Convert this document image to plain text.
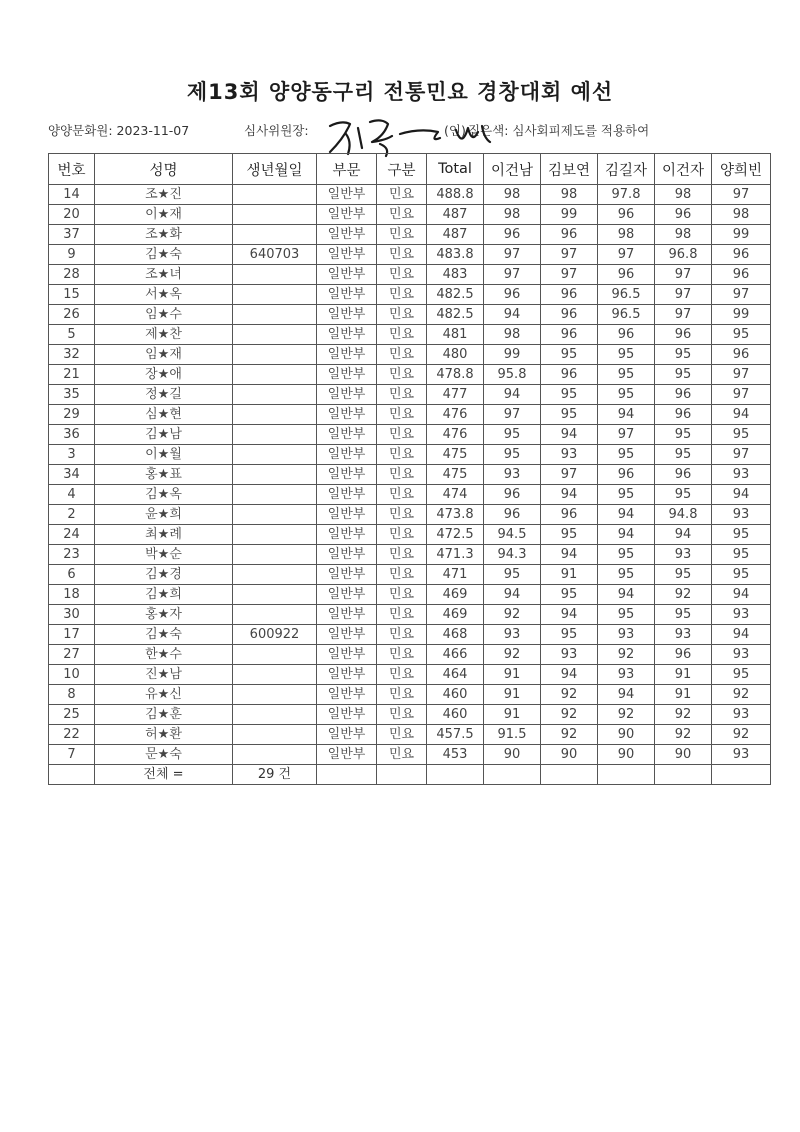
제13회 양양동구리 전통민요 경창대회 예선
양양문화원: 2023-11-07	심사위원장:	(인) 짙은색: 심사회피제도를 적용하여
번호	성명	생년월일	부문	구분	Total	이건남	김보연	김길자	이건자	양희빈
14	조★진		일반부	민요	488.8	98	98	97.8	98	97
20	이★재		일반부	민요	487	98	99	96	96	98
37	조★화		일반부	민요	487	96	96	98	98	99
9	김★숙	640703	일반부	민요	483.8	97	97	97	96.8	96
28	조★녀		일반부	민요	483	97	97	96	97	96
15	서★옥		일반부	민요	482.5	96	96	96.5	97	97
26	임★수		일반부	민요	482.5	94	96	96.5	97	99
5	제★찬		일반부	민요	481	98	96	96	96	95
32	임★재		일반부	민요	480	99	95	95	95	96
21	장★애		일반부	민요	478.8	95.8	96	95	95	97
35	정★길		일반부	민요	477	94	95	95	96	97
29	심★현		일반부	민요	476	97	95	94	96	94
36	김★남		일반부	민요	476	95	94	97	95	95
3	이★월		일반부	민요	475	95	93	95	95	97
34	홍★표		일반부	민요	475	93	97	96	96	93
4	김★옥		일반부	민요	474	96	94	95	95	94
2	윤★희		일반부	민요	473.8	96	96	94	94.8	93
24	최★례		일반부	민요	472.5	94.5	95	94	94	95
23	박★순		일반부	민요	471.3	94.3	94	95	93	95
6	김★경		일반부	민요	471	95	91	95	95	95
18	김★희		일반부	민요	469	94	95	94	92	94
30	홍★자		일반부	민요	469	92	94	95	95	93
17	김★숙	600922	일반부	민요	468	93	95	93	93	94
27	한★수		일반부	민요	466	92	93	92	96	93
10	진★남		일반부	민요	464	91	94	93	91	95
8	유★신		일반부	민요	460	91	92	94	91	92
25	김★훈		일반부	민요	460	91	92	92	92	93
22	허★환		일반부	민요	457.5	91.5	92	90	92	92
7	문★숙		일반부	민요	453	90	90	90	90	93
	전체 =	29 건								
